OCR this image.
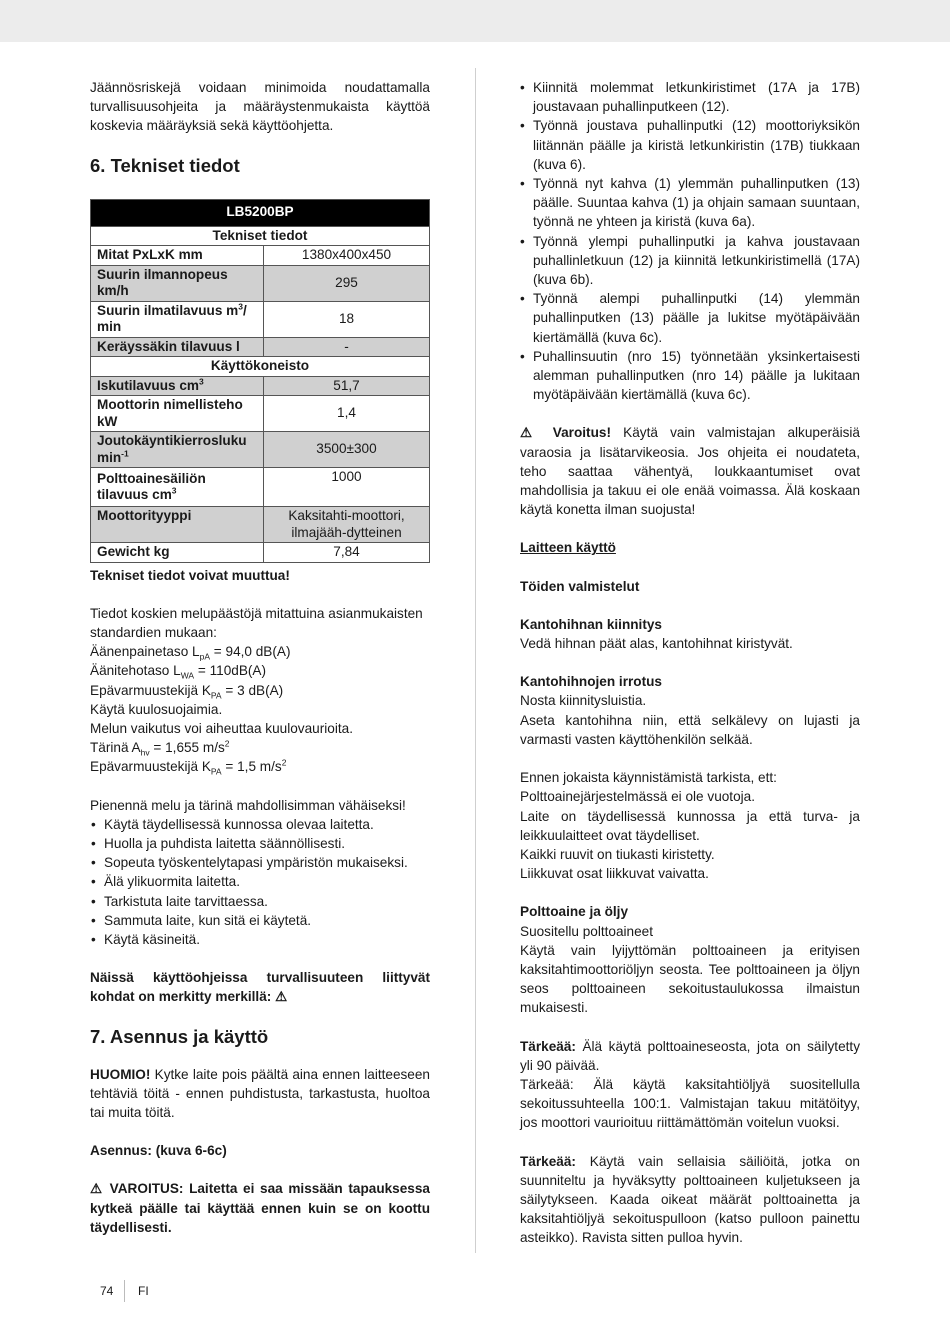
Jäännösriskejä voidaan minimoida noudattamalla turvallisuusohjeita ja määräystenmukaista käyttöä koskevia määräyksiä sekä käyttöohjetta.

6. Tekniset tiedot
LB5200BP	
Tekniset tiedot	
Mitat PxLxK mm	1380x400x450
Suurin ilmannopeus km/h	295
Suurin ilmatilavuus $m^3/$ min	18
Keräyssäkin tilavuus l	-
Käyttökoneisto	
Iskutilavuus $cm^3$	51,7
Moottorin nimellisteho kW	1,4
Joutokäyntikierrosluku $\min^{-1}$	3500±300
Polttoainesäiliön tilavuus $cm^3$	1000
Moottorityyppi	Kaksitahti-moottori, ilmajääh-dytteinen
Gewicht kg	7,84

Tekniset tiedot voivat muuttua!

Tiedot koskien melupäästöjä mitattuina asianmukaisten standardien mukaan:

Äänenpainetaso $L_{pA} = 94,0$ dB(A)

Äänitehotaso $L_{WA} = 110dB(A)$

Epävarmuustekijä $K_{PA} = 3$ dB(A)

Käytä kuulosuojaimia.

Melun vaikutus voi aiheuttaa kuulovaurioita.

Tärinä $A_{hv} = 1,655$ $m/s^2$

Epävarmuustekijä $K_{PA} = 1,5$ $m/s^2$

Pienennä melu ja tärinä mahdollisimman vähäiseksi!

• Käytä täydellisessä kunnossa olevaa laitetta.
• Huolla ja puhdista laitetta säännöllisesti.
• Sopeuta työskentelytapasi ympäristön mukaiseksi.
• Älä ylikuormita laitetta.
• Tarkistuta laite tarvittaessa.
• Sammuta laite, kun sitä ei käytetä.
• Käytä käsineitä.

Näissä käyttöohjeissa turvallisuuteen liittyvät kohdat on merkitty merkillä: ⚠

7. Asennus ja käyttö

HUOMIO! Kytke laite pois päältä aina ennen laitteeseen tehtäviä töitä - ennen puhdistusta, tarkastusta, huoltoa tai muita töitä.

Asennus: (kuva 6-6c)

⚠ VAROITUS: Laitetta ei saa missään tapauksessa kytkeä päälle tai käyttää ennen kuin se on koottu täydellisesti.

• Kiinnitä molemmat letkunkiristimet (17A ja 17B) joustavaan puhallinputkeen (12).
• Työnnä joustava puhallinputki (12) moottoriyksikön liitännän päälle ja kiristä letkunkiristin (17B) tiukkaan (kuva 6).
• Työnnä nyt kahva (1) ylemmän puhallinputken (13) päälle. Suuntaa kahva (1) ja ohjain samaan suuntaan, työnnä ne yhteen ja kiristä (kuva 6a).
• Työnnä ylempi puhallinputki ja kahva joustavaan puhallinletkuun (12) ja kiinnitä letkunkiristimellä (17A) (kuva 6b).
• Työnnä alempi puhallinputki (14) ylemmän puhallinputken (13) päälle ja lukitse myötäpäivään kiertämällä (kuva 6c).
• Puhallinsuutin (nro 15) työnnetään yksinkertaisesti alemman puhallinputken (nro 14) päälle ja lukitaan myötäpäivään kiertämällä (kuva 6c).

⚠ Varoitus! Käytä vain valmistajan alkuperäisiä varaosia ja lisätarvikeosia. Jos ohjeita ei noudateta, teho saattaa vähentyä, loukkaantumiset ovat mahdollisia ja takuu ei ole enää voimassa. Älä koskaan käytä konetta ilman suojusta!

Laitteen käyttö

Töiden valmistelut

Kantohihnan kiinnitys

Vedä hihnan päät alas, kantohihnat kiristyvät.

Kantohihnojen irrotus

Nosta kiinnitysluistia.

Aseta kantohihna niin, että selkälevy on lujasti ja varmasti vasten käyttöhenkilön selkää.

Ennen jokaista käynnistämistä tarkista, ett:

Polttoainejärjestelmässä ei ole vuotoja.

Laite on täydellisessä kunnossa ja että turva- ja leikkuulaitteet ovat täydelliset.

Kaikki ruuvit on tiukasti kiristetty.

Liikkuvat osat liikkuvat vaivatta.

Polttoaine ja öljy

Suositellu polttoaineet

Käytä vain lyijyttömän polttoaineen ja erityisen kaksitahtimoottoriöljyn seosta. Tee polttoaineen ja öljyn seos polttoaineen sekoitustaulukossa ilmaistun mukaisesti.

Tärkeää: Älä käytä polttoaineseosta, jota on säilytetty yli 90 päivää.

Tärkeää: Älä käytä kaksitahtiöljyä suositellulla sekoitussuhteella 100:1. Valmistajan takuu mitätöityy, jos moottori vaurioituu riittämättömän voitelun vuoksi.

Tärkeää: Käytä vain sellaisia säiliöitä, jotka on suunniteltu ja hyväksytty polttoaineen kuljetukseen ja säilytykseen. Kaada oikeat määrät polttoainetta ja kaksitahtiöljyä sekoituspulloon (katso pulloon painettu asteikko). Ravista sitten pulloa hyvin.

74 FI
